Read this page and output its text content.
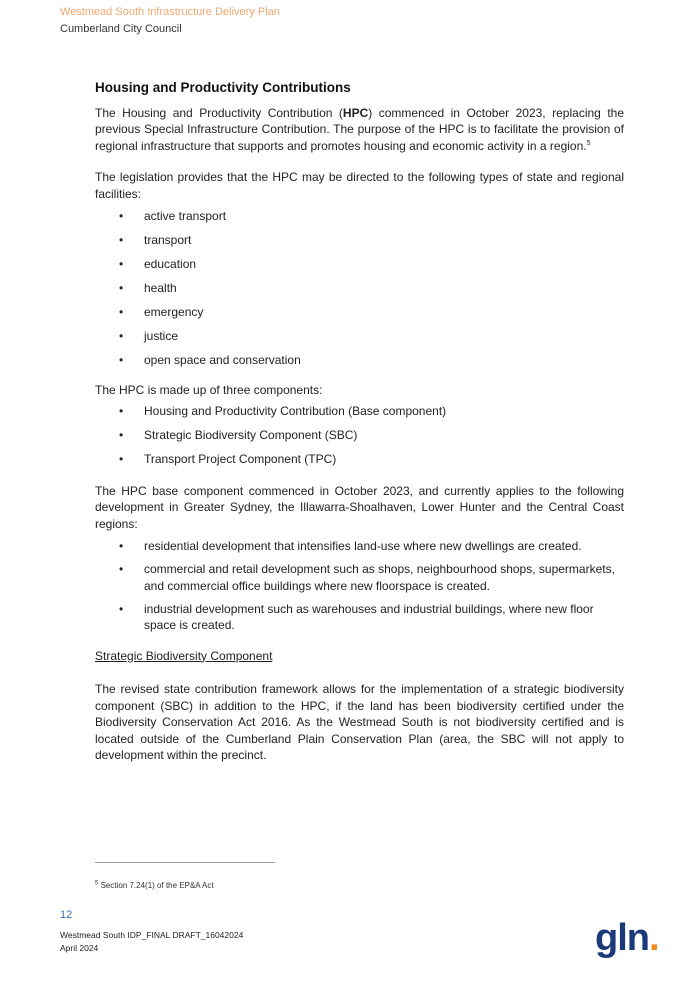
Westmead South Infrastructure Delivery Plan
Cumberland City Council
Housing and Productivity Contributions

The Housing and Productivity Contribution (HPC) commenced in October 2023, replacing the previous Special Infrastructure Contribution. The purpose of the HPC is to facilitate the provision of regional infrastructure that supports and promotes housing and economic activity in a region.$^5$

The legislation provides that the HPC may be directed to the following types of state and regional facilities:

• active transport
• transport
• education
• health
• emergency
• justice
• open space and conservation

The HPC is made up of three components:

• Housing and Productivity Contribution (Base component)
• Strategic Biodiversity Component (SBC)
• Transport Project Component (TPC)

The HPC base component commenced in October 2023, and currently applies to the following development in Greater Sydney, the Illawarra-Shoalhaven, Lower Hunter and the Central Coast regions:

• residential development that intensifies land-use where new dwellings are created.
• commercial and retail development such as shops, neighbourhood shops, supermarkets, and commercial office buildings where new floorspace is created.
• industrial development such as warehouses and industrial buildings, where new floor space is created.
Strategic Biodiversity Component

The revised state contribution framework allows for the implementation of a strategic biodiversity component (SBC) in addition to the HPC, if the land has been biodiversity certified under the Biodiversity Conservation Act 2016. As the Westmead South is not biodiversity certified and is located outside of the Cumberland Plain Conservation Plan (area, the SBC will not apply to development within the precinct.

$^5$ Section 7.24(1) of the EP&A Act
12
Westmead South IDP_FINAL DRAFT_16042024
April 2024	gln.
